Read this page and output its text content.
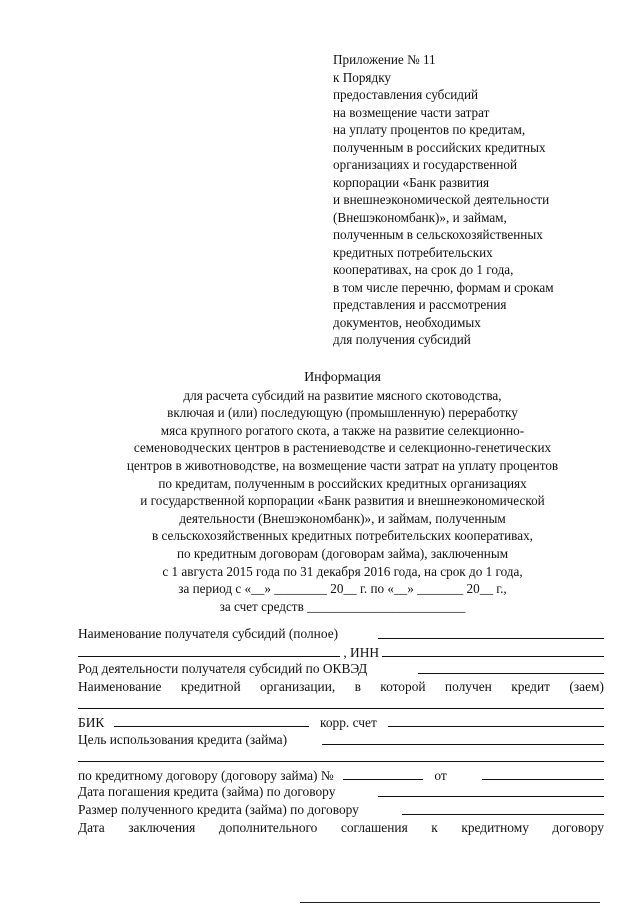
Приложение № 11
к Порядку
предоставления субсидий
на возмещение части затрат
на уплату процентов по кредитам,
полученным в российских кредитных
организациях и государственной
корпорации «Банк развития
и внешнеэкономической деятельности
(Внешэкономбанк)», и займам,
полученным в сельскохозяйственных
кредитных потребительских
кооперативах, на срок до 1 года,
в том числе перечню, формам и срокам
представления и рассмотрения
документов, необходимых
для получения субсидий
Информация
для расчета субсидий на развитие мясного скотоводства,
включая и (или) последующую (промышленную) переработку
мяса крупного рогатого скота, а также на развитие селекционно-
семеноводческих центров в растениеводстве и селекционно-генетических
центров в животноводстве, на возмещение части затрат на уплату процентов
по кредитам, полученным в российских кредитных организациях
и государственной корпорации «Банк развития и внешнеэкономической
деятельности (Внешэкономбанк)», и займам, полученным
в сельскохозяйственных кредитных потребительских кооперативах,
по кредитным договорам (договорам займа), заключенным
с 1 августа 2015 года по 31 декабря 2016 года, на срок до 1 года,
за период с «__» ________ 20__ г. по «__» _______ 20__ г.,
за счет средств ________________________
Наименование получателя субсидий (полное)
, ИНН
Род деятельности получателя субсидий по ОКВЭД
Наименование кредитной организации, в которой получен кредит (заем)
БИК	корр. счет
Цель использования кредита (займа)
по кредитному договору (договору займа) №	от
Дата погашения кредита (займа) по договору
Размер полученного кредита (займа) по договору
Дата заключения дополнительного соглашения к кредитному договору
